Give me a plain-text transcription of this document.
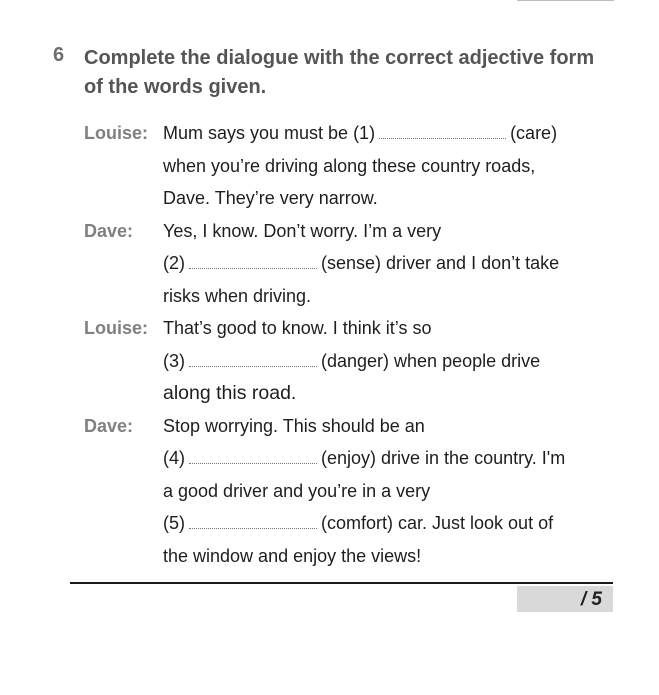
6 Complete the dialogue with the correct adjective form of the words given.
Louise: Mum says you must be (1)	(care)
when you’re driving along these country roads,
Dave. They’re very narrow.
Dave: Yes, I know. Don’t worry. I’m a very
(2)	(sense) driver and I don’t take
risks when driving.
Louise: That’s good to know. I think it’s so
(3)	(danger) when people drive
along this road.
Dave: Stop worrying. This should be an
(4)	(enjoy) drive in the country. I'm
a good driver and you’re in a very
(5)	(comfort) car. Just look out of
the window and enjoy the views!
/ 5
